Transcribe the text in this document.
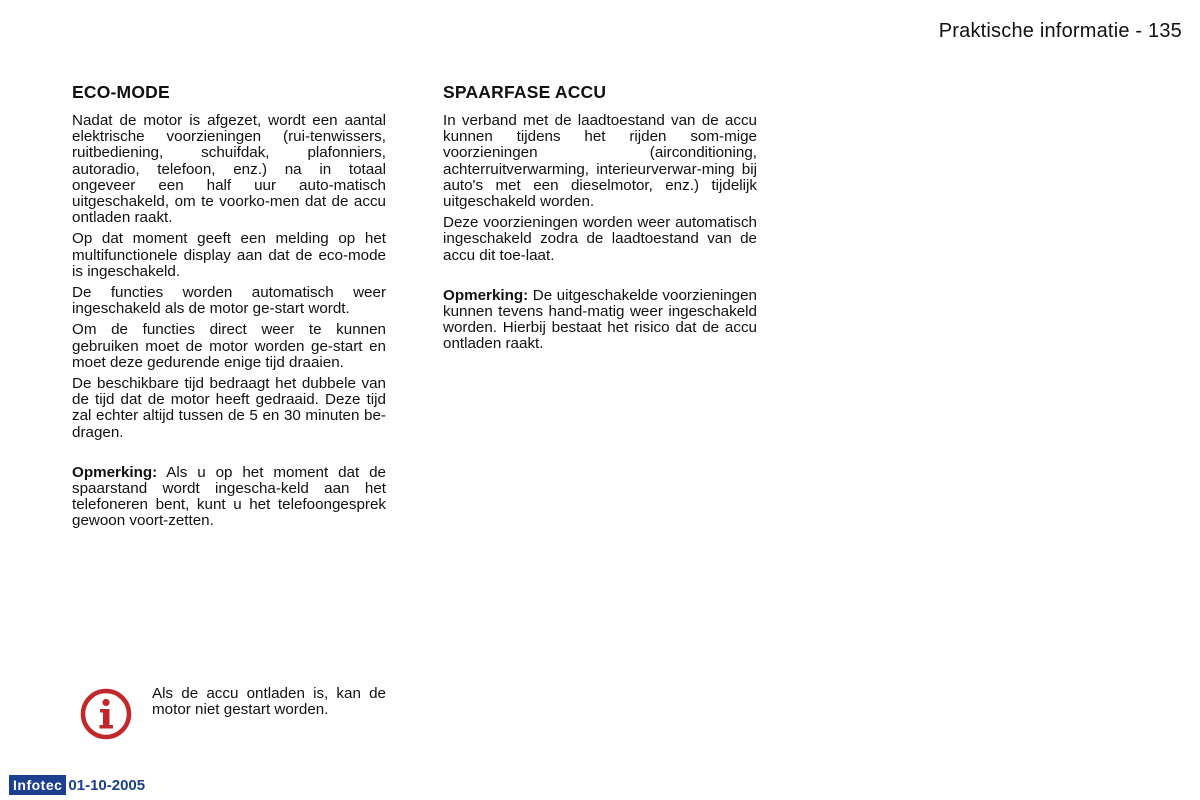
Praktische informatie - 135
ECO-MODE

Nadat de motor is afgezet, wordt een aantal elektrische voorzieningen (rui-tenwissers, ruitbediening, schuifdak, plafonniers, autoradio, telefoon, enz.) na in totaal ongeveer een half uur auto-matisch uitgeschakeld, om te voorko-men dat de accu ontladen raakt.

Op dat moment geeft een melding op het multifunctionele display aan dat de eco-mode is ingeschakeld.

De functies worden automatisch weer ingeschakeld als de motor ge-start wordt.

Om de functies direct weer te kunnen gebruiken moet de motor worden ge-start en moet deze gedurende enige tijd draaien.

De beschikbare tijd bedraagt het dubbele van de tijd dat de motor heeft gedraaid. Deze tijd zal echter altijd tussen de 5 en 30 minuten be-dragen.

Opmerking: Als u op het moment dat de spaarstand wordt ingescha-keld aan het telefoneren bent, kunt u het telefoongesprek gewoon voort-zetten.

SPAARFASE ACCU

In verband met de laadtoestand van de accu kunnen tijdens het rijden som-mige voorzieningen (airconditioning, achterruitverwarming, interieurverwar-ming bij auto's met een dieselmotor, enz.) tijdelijk uitgeschakeld worden.

Deze voorzieningen worden weer automatisch ingeschakeld zodra de laadtoestand van de accu dit toe-laat.

Opmerking: De uitgeschakelde voorzieningen kunnen tevens hand-matig weer ingeschakeld worden. Hierbij bestaat het risico dat de accu ontladen raakt.

Als de accu ontladen is, kan de motor niet gestart worden.
Infotec 01-10-2005
